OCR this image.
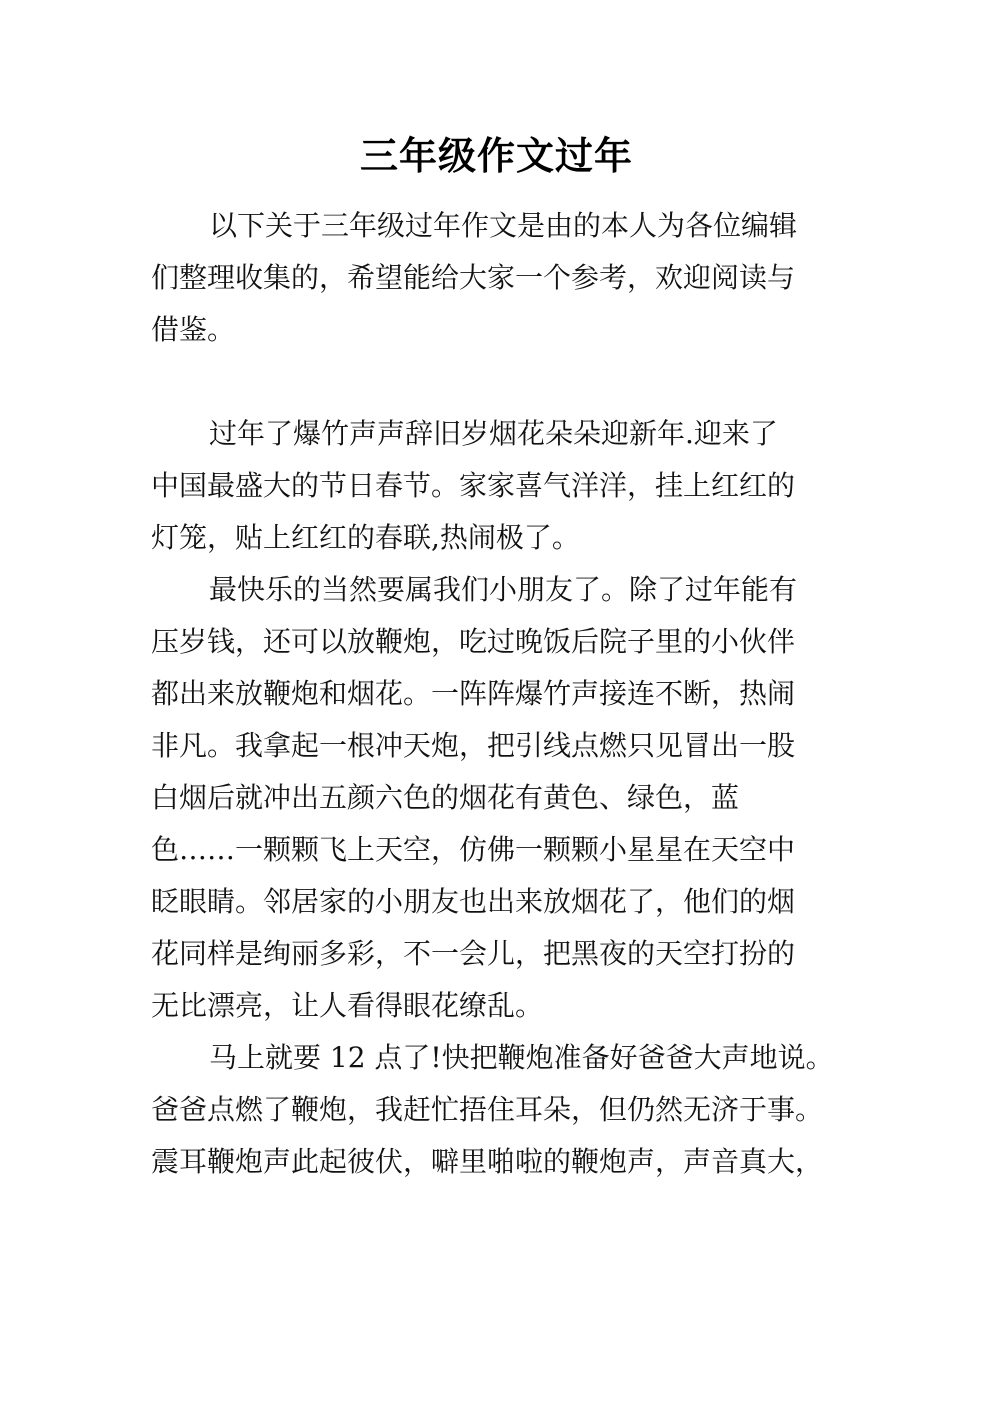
三年级作文过年
以下关于三年级过年作文是由的本人为各位编辑
们整理收集的，希望能给大家一个参考，欢迎阅读与
借鉴。
过年了爆竹声声辞旧岁烟花朵朵迎新年.迎来了
中国最盛大的节日春节。家家喜气洋洋，挂上红红的
灯笼，贴上红红的春联,热闹极了。
最快乐的当然要属我们小朋友了。除了过年能有
压岁钱，还可以放鞭炮，吃过晚饭后院子里的小伙伴
都出来放鞭炮和烟花。一阵阵爆竹声接连不断，热闹
非凡。我拿起一根冲天炮，把引线点燃只见冒出一股
白烟后就冲出五颜六色的烟花有黄色、绿色，蓝
色……一颗颗飞上天空，仿佛一颗颗小星星在天空中
眨眼睛。邻居家的小朋友也出来放烟花了，他们的烟
花同样是绚丽多彩，不一会儿，把黑夜的天空打扮的
无比漂亮，让人看得眼花缭乱。
马上就要 12 点了!快把鞭炮准备好爸爸大声地说。
爸爸点燃了鞭炮，我赶忙捂住耳朵，但仍然无济于事。
震耳鞭炮声此起彼伏，噼里啪啦的鞭炮声，声音真大，
